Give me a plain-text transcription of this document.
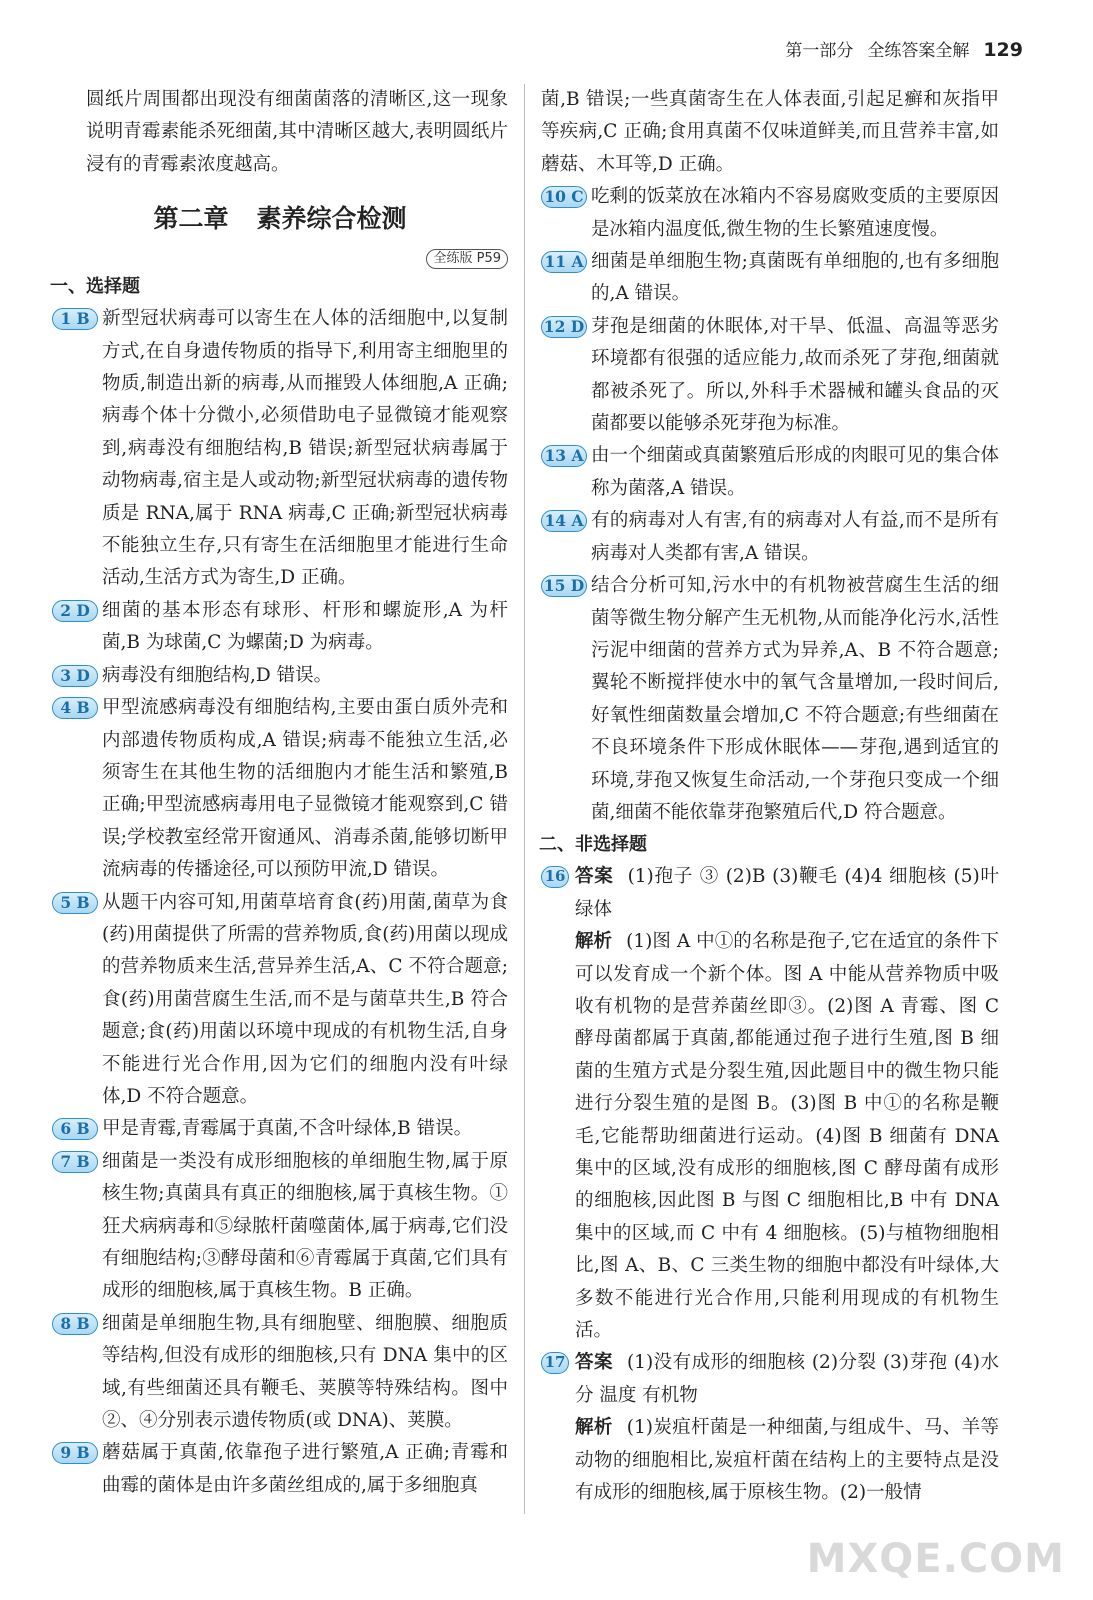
第一部分 全练答案全解 129

圆纸片周围都出现没有细菌菌落的清晰区,这一现象说明青霉素能杀死细菌,其中清晰区越大,表明圆纸片浸有的青霉素浓度越高。

第二章 素养综合检测
全练版 P59
一、选择题
1 B 新型冠状病毒可以寄生在人体的活细胞中,以复制方式,在自身遗传物质的指导下,利用寄主细胞里的物质,制造出新的病毒,从而摧毁人体细胞,A 正确;病毒个体十分微小,必须借助电子显微镜才能观察到,病毒没有细胞结构,B 错误;新型冠状病毒属于动物病毒,宿主是人或动物;新型冠状病毒的遗传物质是 RNA,属于 RNA 病毒,C 正确;新型冠状病毒不能独立生存,只有寄生在活细胞里才能进行生命活动,生活方式为寄生,D 正确。
2 D 细菌的基本形态有球形、杆形和螺旋形,A 为杆菌,B 为球菌,C 为螺菌;D 为病毒。
3 D 病毒没有细胞结构,D 错误。
4 B 甲型流感病毒没有细胞结构,主要由蛋白质外壳和内部遗传物质构成,A 错误;病毒不能独立生活,必须寄生在其他生物的活细胞内才能生活和繁殖,B 正确;甲型流感病毒用电子显微镜才能观察到,C 错误;学校教室经常开窗通风、消毒杀菌,能够切断甲流病毒的传播途径,可以预防甲流,D 错误。
5 B 从题干内容可知,用菌草培育食(药)用菌,菌草为食(药)用菌提供了所需的营养物质,食(药)用菌以现成的营养物质来生活,营异养生活,A、C 不符合题意;食(药)用菌营腐生生活,而不是与菌草共生,B 符合题意;食(药)用菌以环境中现成的有机物生活,自身不能进行光合作用,因为它们的细胞内没有叶绿体,D 不符合题意。
6 B 甲是青霉,青霉属于真菌,不含叶绿体,B 错误。
7 B 细菌是一类没有成形细胞核的单细胞生物,属于原核生物;真菌具有真正的细胞核,属于真核生物。①狂犬病病毒和⑤绿脓杆菌噬菌体,属于病毒,它们没有细胞结构;③酵母菌和⑥青霉属于真菌,它们具有成形的细胞核,属于真核生物。B 正确。
8 B 细菌是单细胞生物,具有细胞壁、细胞膜、细胞质等结构,但没有成形的细胞核,只有 DNA 集中的区域,有些细菌还具有鞭毛、荚膜等特殊结构。图中②、④分别表示遗传物质(或 DNA)、荚膜。
9 B 蘑菇属于真菌,依靠孢子进行繁殖,A 正确;青霉和曲霉的菌体是由许多菌丝组成的,属于多细胞真

菌,B 错误;一些真菌寄生在人体表面,引起足癣和灰指甲等疾病,C 正确;食用真菌不仅味道鲜美,而且营养丰富,如蘑菇、木耳等,D 正确。

10 C 吃剩的饭菜放在冰箱内不容易腐败变质的主要原因是冰箱内温度低,微生物的生长繁殖速度慢。
11 A 细菌是单细胞生物;真菌既有单细胞的,也有多细胞的,A 错误。
12 D 芽孢是细菌的休眠体,对干旱、低温、高温等恶劣环境都有很强的适应能力,故而杀死了芽孢,细菌就都被杀死了。所以,外科手术器械和罐头食品的灭菌都要以能够杀死芽孢为标准。
13 A 由一个细菌或真菌繁殖后形成的肉眼可见的集合体称为菌落,A 错误。
14 A 有的病毒对人有害,有的病毒对人有益,而不是所有病毒对人类都有害,A 错误。
15 D 结合分析可知,污水中的有机物被营腐生生活的细菌等微生物分解产生无机物,从而能净化污水,活性污泥中细菌的营养方式为异养,A、B 不符合题意;翼轮不断搅拌使水中的氧气含量增加,一段时间后,好氧性细菌数量会增加,C 不符合题意;有些细菌在不良环境条件下形成休眠体——芽孢,遇到适宜的环境,芽孢又恢复生命活动,一个芽孢只变成一个细菌,细菌不能依靠芽孢繁殖后代,D 符合题意。
二、非选择题
16 答案 (1)孢子 ③ (2)B (3)鞭毛 (4)4 细胞核 (5)叶绿体

解析 (1)图 A 中①的名称是孢子,它在适宜的条件下可以发育成一个新个体。图 A 中能从营养物质中吸收有机物的是营养菌丝即③。(2)图 A 青霉、图 C 酵母菌都属于真菌,都能通过孢子进行生殖,图 B 细菌的生殖方式是分裂生殖,因此题目中的微生物只能进行分裂生殖的是图 B。(3)图 B 中①的名称是鞭毛,它能帮助细菌进行运动。(4)图 B 细菌有 DNA 集中的区域,没有成形的细胞核,图 C 酵母菌有成形的细胞核,因此图 B 与图 C 细胞相比,B 中有 DNA 集中的区域,而 C 中有 4 细胞核。(5)与植物细胞相比,图 A、B、C 三类生物的细胞中都没有叶绿体,大多数不能进行光合作用,只能利用现成的有机物生活。

17 答案 (1)没有成形的细胞核 (2)分裂 (3)芽孢 (4)水分 温度 有机物

解析 (1)炭疽杆菌是一种细菌,与组成牛、马、羊等动物的细胞相比,炭疽杆菌在结构上的主要特点是没有成形的细胞核,属于原核生物。(2)一般情

MXQE.COM
